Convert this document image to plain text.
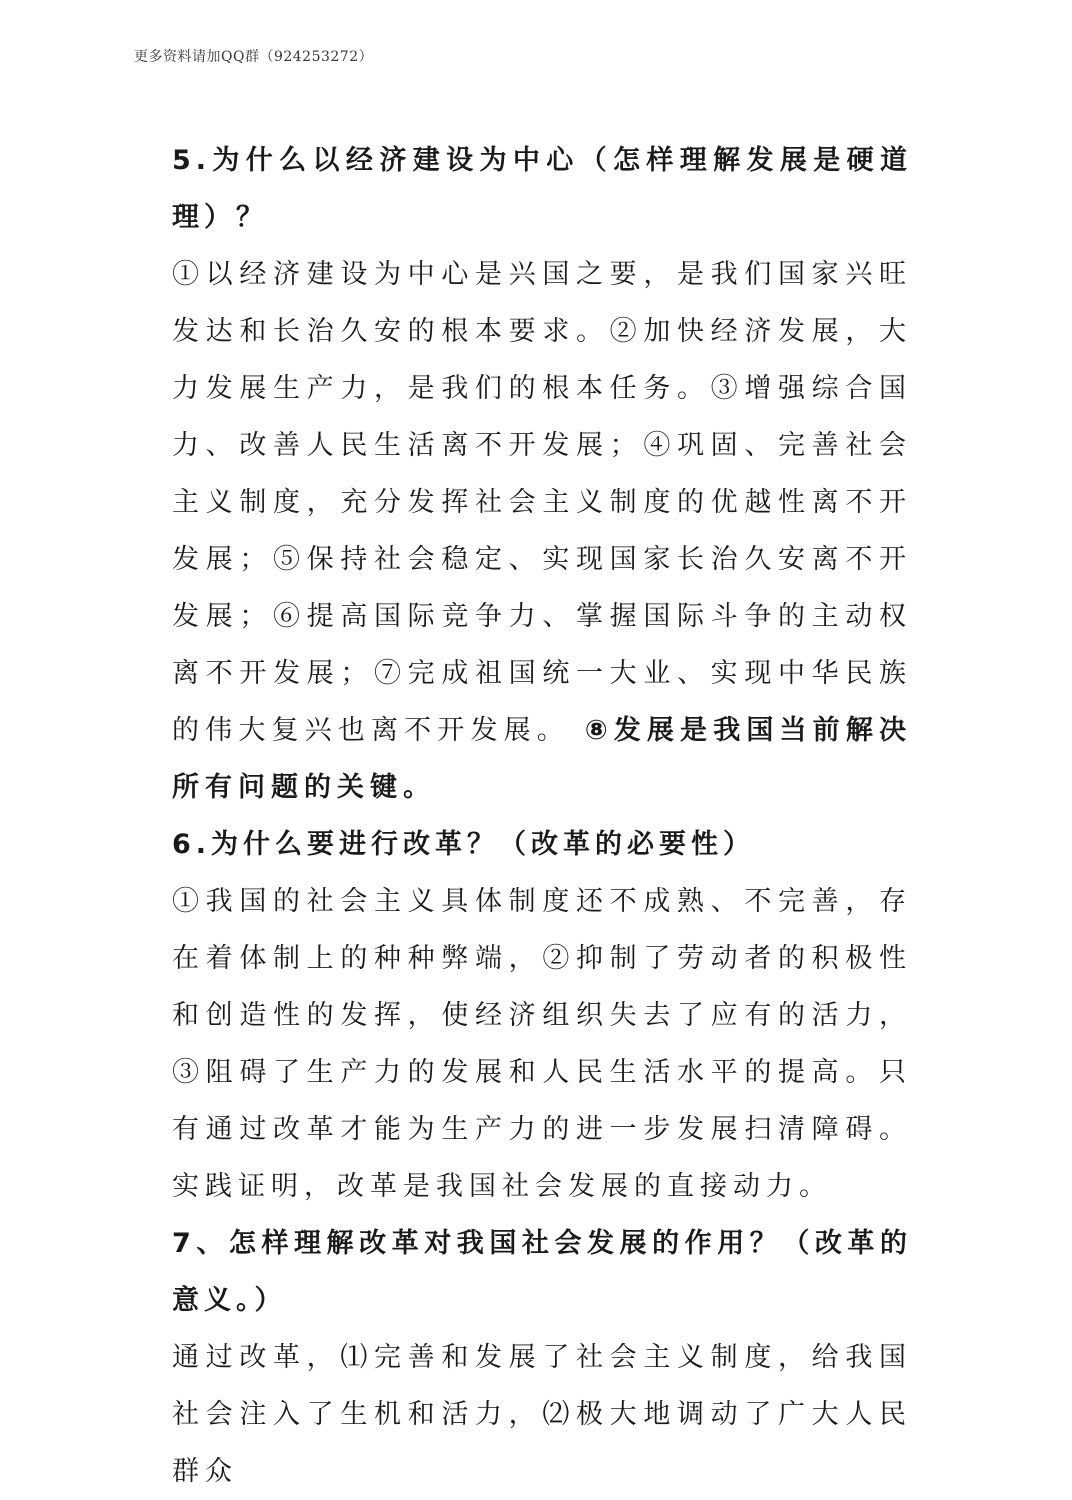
更多资料请加QQ群（924253272）

5.为什么以经济建设为中心（怎样理解发展是硬道理）？

①以经济建设为中心是兴国之要，是我们国家兴旺发达和长治久安的根本要求。②加快经济发展，大力发展生产力，是我们的根本任务。③增强综合国力、改善人民生活离不开发展；④巩固、完善社会主义制度，充分发挥社会主义制度的优越性离不开发展；⑤保持社会稳定、实现国家长治久安离不开发展；⑥提高国际竞争力、掌握国际斗争的主动权离不开发展；⑦完成祖国统一大业、实现中华民族的伟大复兴也离不开发展。 ⑧发展是我国当前解决所有问题的关键。

6.为什么要进行改革？（改革的必要性）

①我国的社会主义具体制度还不成熟、不完善，存在着体制上的种种弊端，②抑制了劳动者的积极性和创造性的发挥，使经济组织失去了应有的活力，③阻碍了生产力的发展和人民生活水平的提高。只有通过改革才能为生产力的进一步发展扫清障碍。实践证明，改革是我国社会发展的直接动力。

7、怎样理解改革对我国社会发展的作用？（改革的意义。）

通过改革，⑴完善和发展了社会主义制度，给我国社会注入了生机和活力，⑵极大地调动了广大人民群众
